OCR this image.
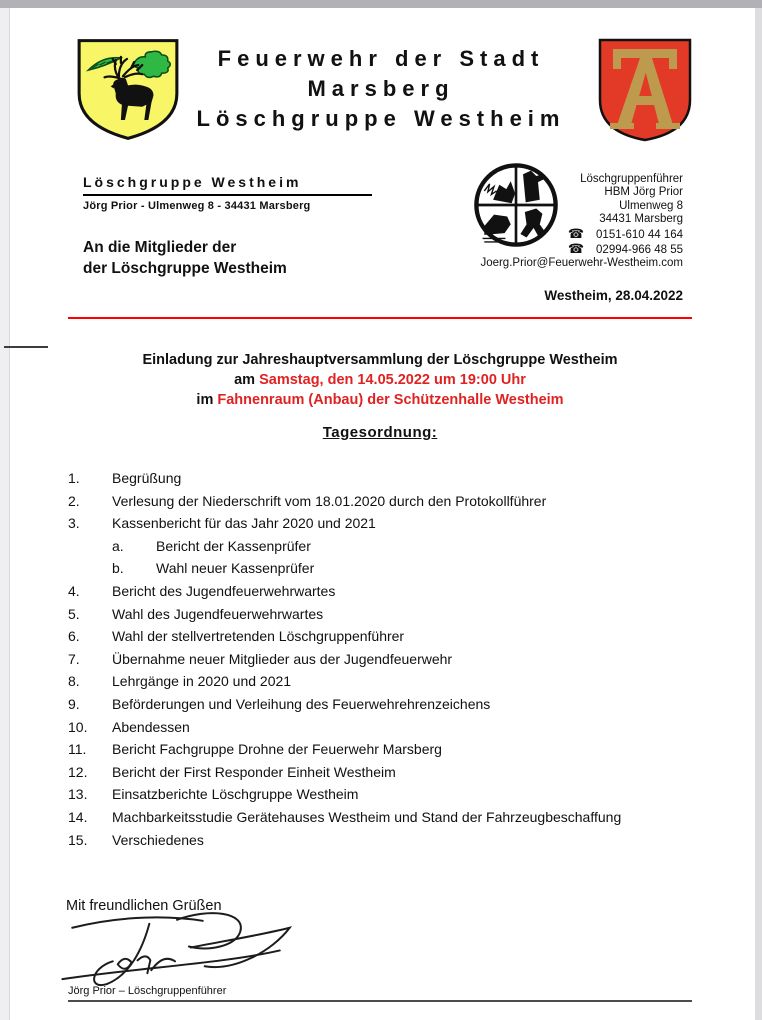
Feuerwehr der Stadt
Marsberg
Löschgruppe Westheim
Löschgruppe Westheim
Jörg Prior - Ulmenweg 8 - 34431 Marsberg
An die Mitglieder der
der Löschgruppe Westheim
Löschgruppenführer
HBM Jörg Prior
Ulmenweg 8
34431 Marsberg
☎ 0151-610 44 164
☎ 02994-966 48 55
Joerg.Prior@Feuerwehr-Westheim.com
Westheim, 28.04.2022
Einladung zur Jahreshauptversammlung der Löschgruppe Westheim
am Samstag, den 14.05.2022 um 19:00 Uhr
im Fahnenraum (Anbau) der Schützenhalle Westheim
Tagesordnung:
1.	Begrüßung
2.	Verlesung der Niederschrift vom 18.01.2020 durch den Protokollführer
3.	Kassenbericht für das Jahr 2020 und 2021
a.	Bericht der Kassenprüfer
b.	Wahl neuer Kassenprüfer
4.	Bericht des Jugendfeuerwehrwartes
5.	Wahl des Jugendfeuerwehrwartes
6.	Wahl der stellvertretenden Löschgruppenführer
7.	Übernahme neuer Mitglieder aus der Jugendfeuerwehr
8.	Lehrgänge in 2020 und 2021
9.	Beförderungen und Verleihung des Feuerwehrehrenzeichens
10.	Abendessen
11.	Bericht Fachgruppe Drohne der Feuerwehr Marsberg
12.	Bericht der First Responder Einheit Westheim
13.	Einsatzberichte Löschgruppe Westheim
14.	Machbarkeitsstudie Gerätehauses Westheim und Stand der Fahrzeugbeschaffung
15.	Verschiedenes
Mit freundlichen Grüßen
Jörg Prior – Löschgruppenführer
